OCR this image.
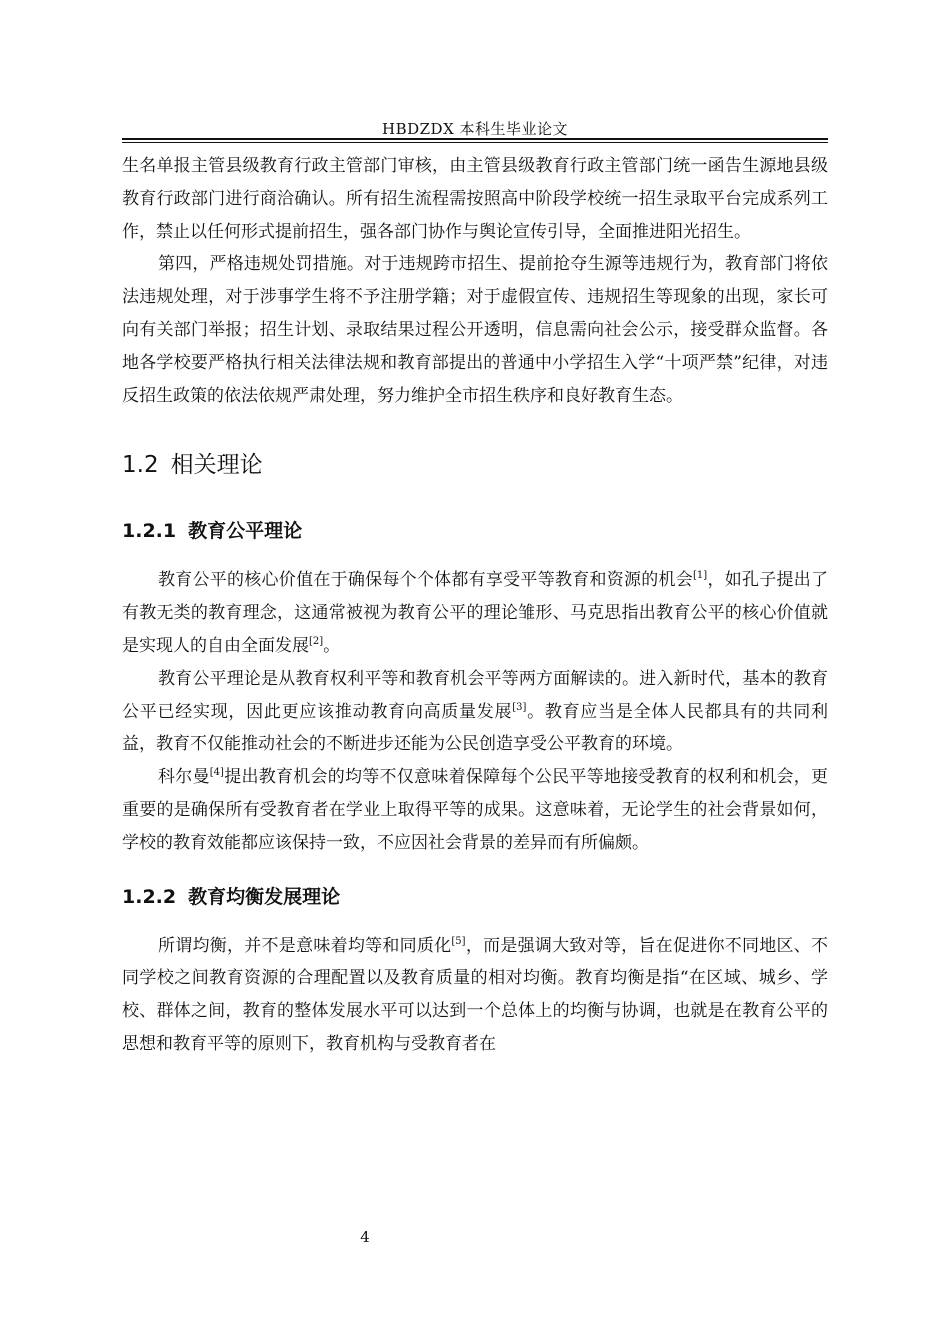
HBDZDX 本科生毕业论文

生名单报主管县级教育行政主管部门审核，由主管县级教育行政主管部门统一函告生源地县级教育行政部门进行商洽确认。所有招生流程需按照高中阶段学校统一招生录取平台完成系列工作，禁止以任何形式提前招生，强各部门协作与舆论宣传引导，全面推进阳光招生。

第四，严格违规处罚措施。对于违规跨市招生、提前抢夺生源等违规行为，教育部门将依法违规处理，对于涉事学生将不予注册学籍；对于虚假宣传、违规招生等现象的出现，家长可向有关部门举报；招生计划、录取结果过程公开透明，信息需向社会公示，接受群众监督。各地各学校要严格执行相关法律法规和教育部提出的普通中小学招生入学“十项严禁”纪律，对违反招生政策的依法依规严肃处理，努力维护全市招生秩序和良好教育生态。

1.2 相关理论
1.2.1 教育公平理论

教育公平的核心价值在于确保每个个体都有享受平等教育和资源的机会[1]，如孔子提出了有教无类的教育理念，这通常被视为教育公平的理论雏形、马克思指出教育公平的核心价值就是实现人的自由全面发展[2]。

教育公平理论是从教育权利平等和教育机会平等两方面解读的。进入新时代，基本的教育公平已经实现，因此更应该推动教育向高质量发展[3]。教育应当是全体人民都具有的共同利益，教育不仅能推动社会的不断进步还能为公民创造享受公平教育的环境。

科尔曼[4]提出教育机会的均等不仅意味着保障每个公民平等地接受教育的权利和机会，更重要的是确保所有受教育者在学业上取得平等的成果。这意味着，无论学生的社会背景如何，学校的教育效能都应该保持一致，不应因社会背景的差异而有所偏颇。

1.2.2 教育均衡发展理论

所谓均衡，并不是意味着均等和同质化[5]，而是强调大致对等，旨在促进你不同地区、不同学校之间教育资源的合理配置以及教育质量的相对均衡。教育均衡是指“在区域、城乡、学校、群体之间，教育的整体发展水平可以达到一个总体上的均衡与协调，也就是在教育公平的思想和教育平等的原则下，教育机构与受教育者在

4
